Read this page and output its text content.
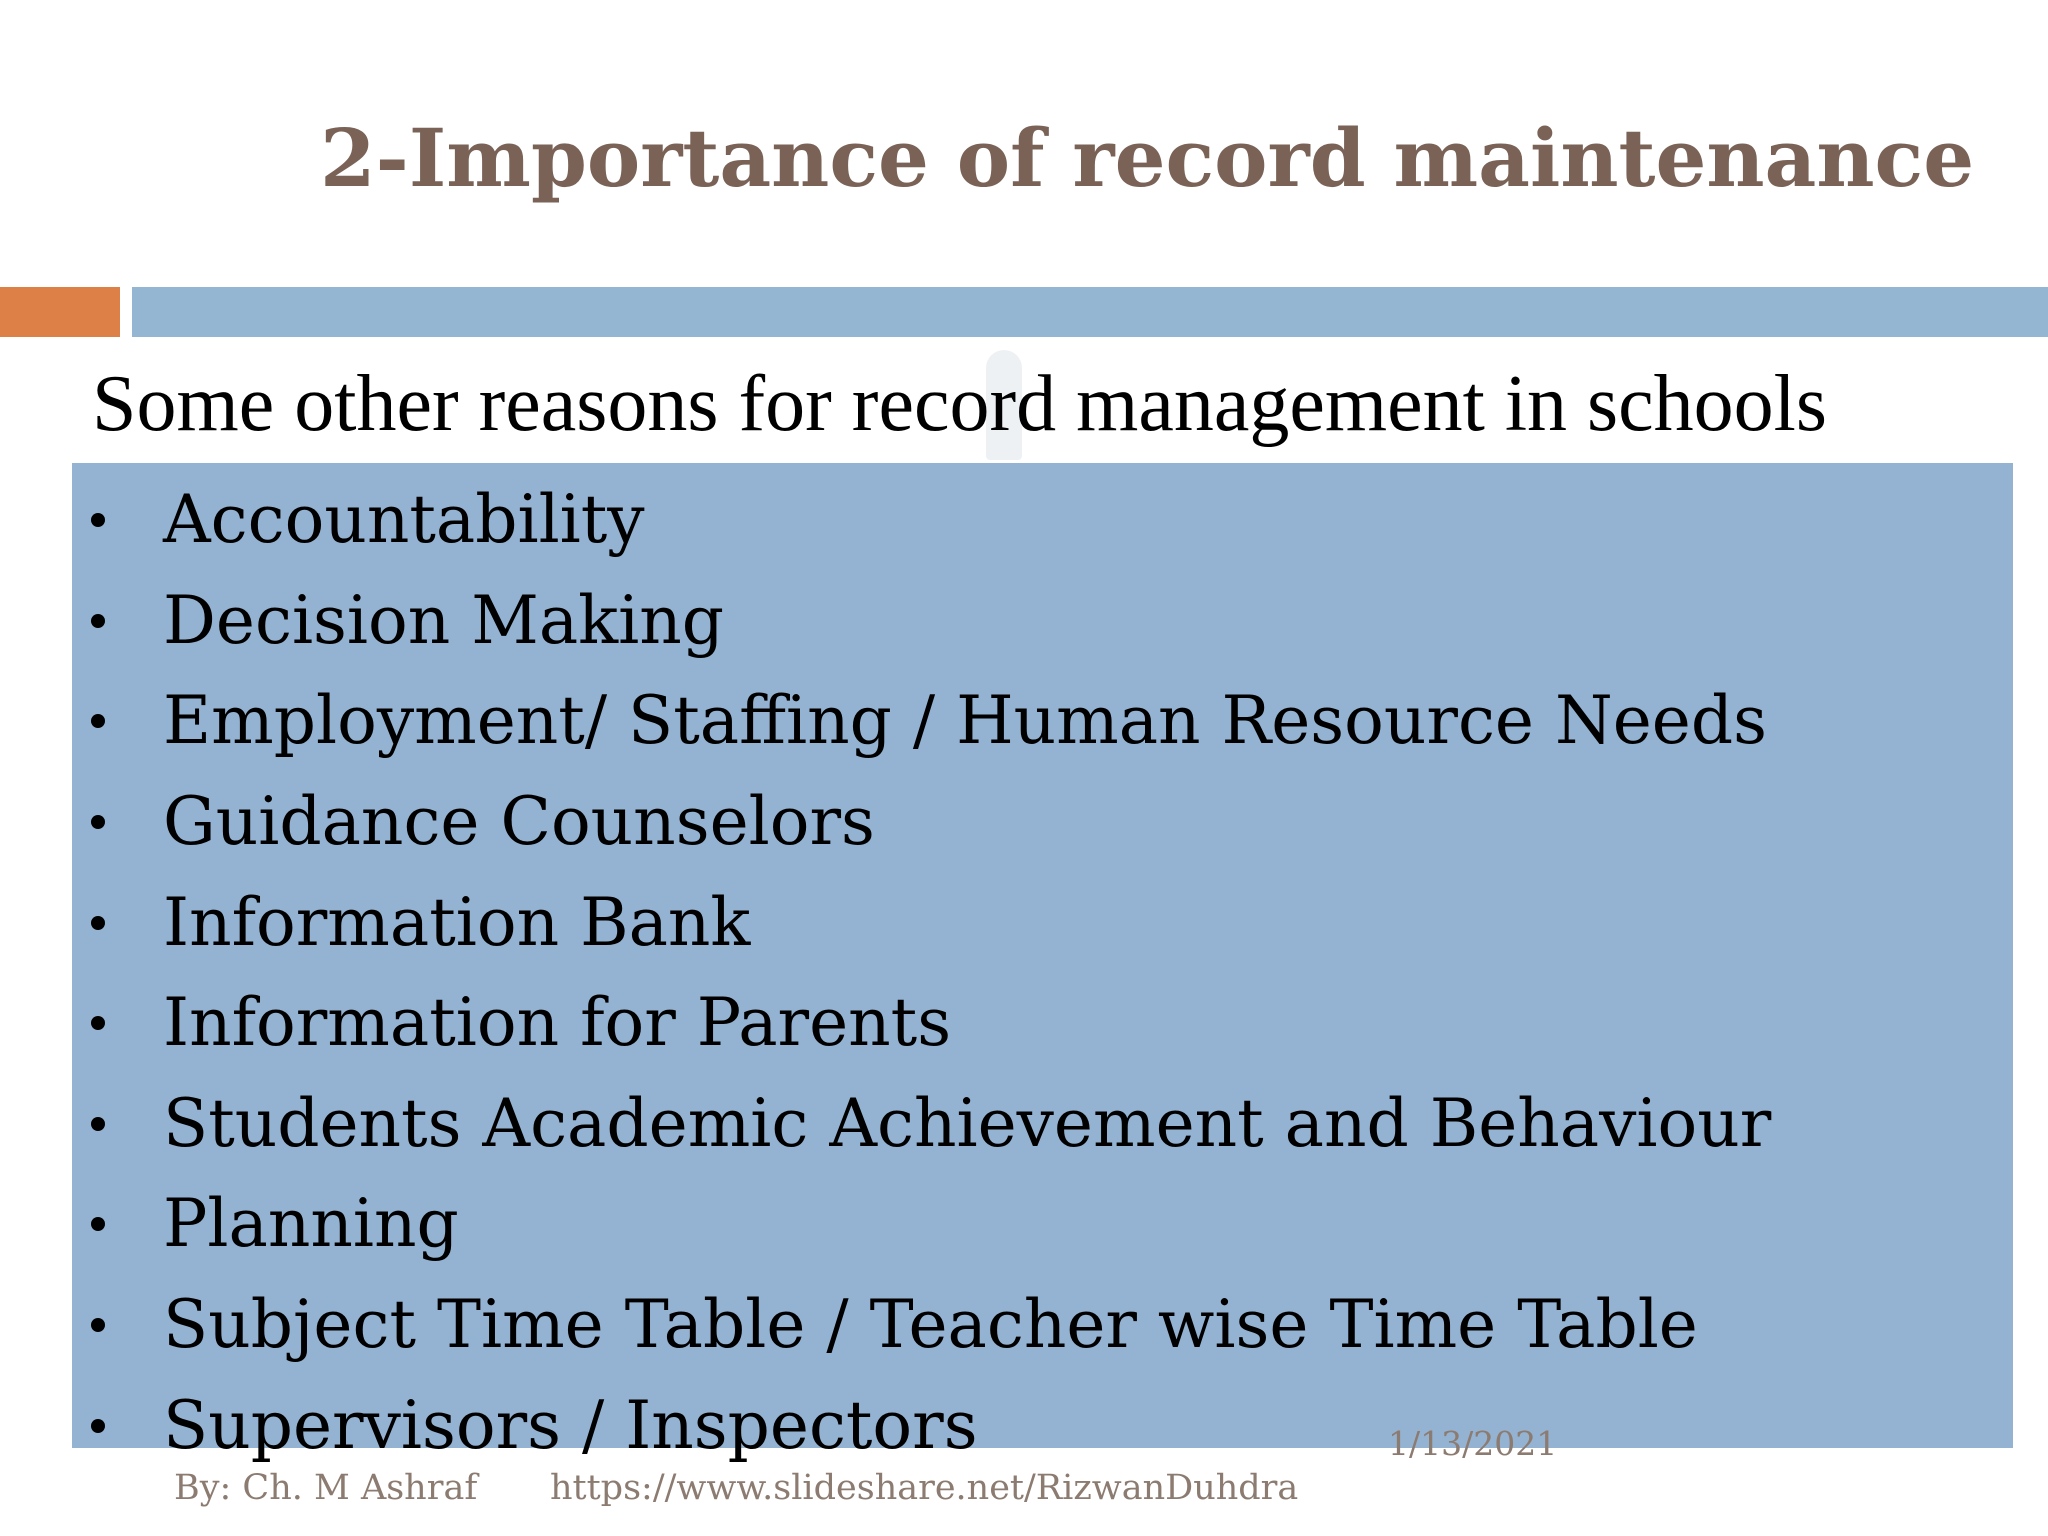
2-Importance of record maintenance
Some other reasons for record management in schools
Accountability
Decision Making
Employment/ Staffing / Human Resource Needs
Guidance Counselors
Information Bank
Information for Parents
Students Academic Achievement and Behaviour
Planning
Subject Time Table / Teacher wise Time Table
Supervisors / Inspectors	1/13/2021
By: Ch. M Ashraf https://www.slideshare.net/RizwanDuhdra
